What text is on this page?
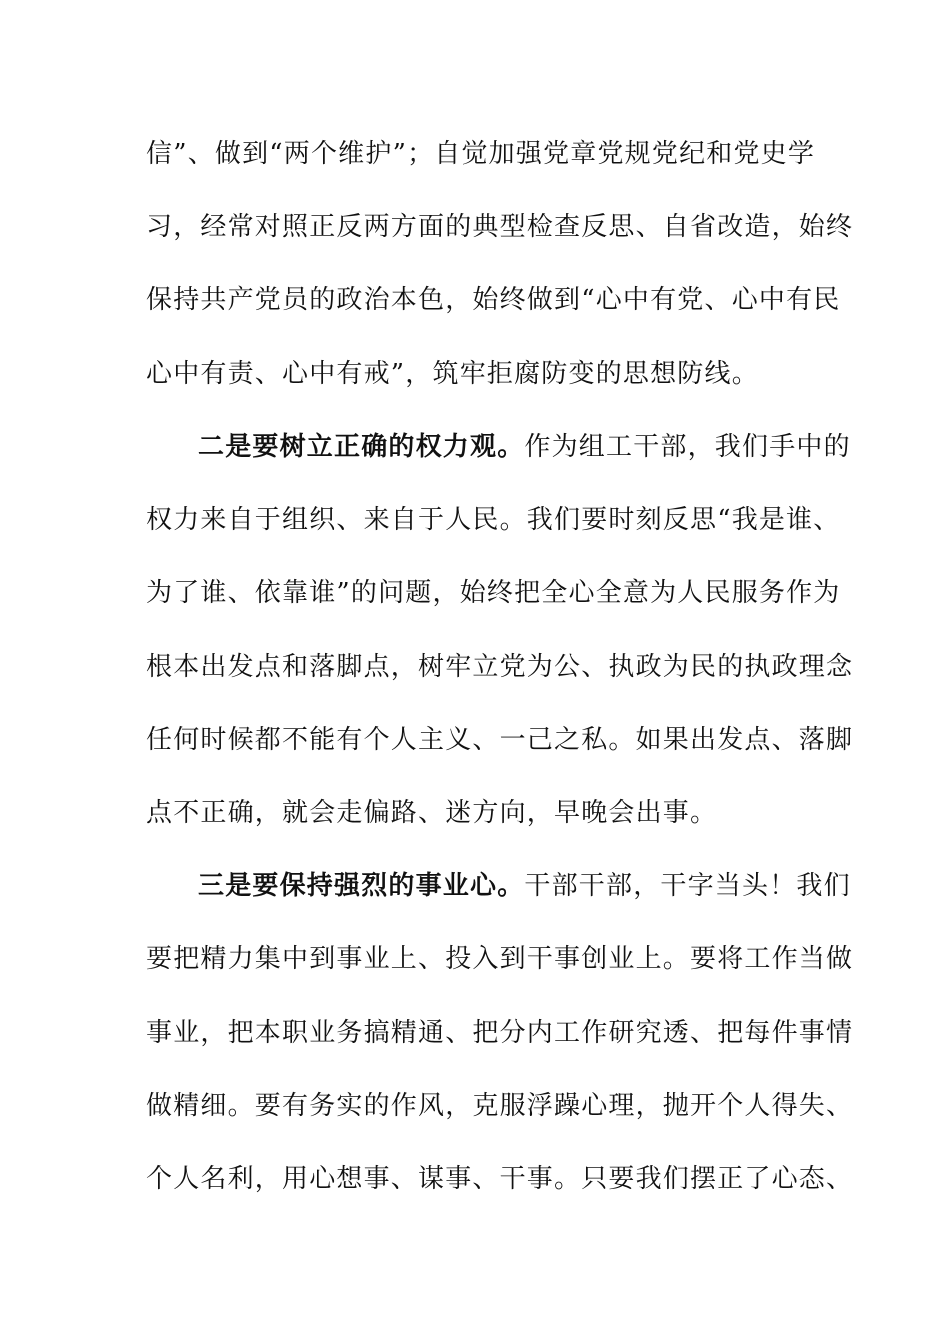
信”、做到“两个维护”；自觉加强党章党规党纪和党史学
习，经常对照正反两方面的典型检查反思、自省改造，始终
保持共产党员的政治本色，始终做到“心中有党、心中有民
心中有责、心中有戒”，筑牢拒腐防变的思想防线。
二是要树立正确的权力观。作为组工干部，我们手中的
权力来自于组织、来自于人民。我们要时刻反思“我是谁、
为了谁、依靠谁”的问题，始终把全心全意为人民服务作为
根本出发点和落脚点，树牢立党为公、执政为民的执政理念
任何时候都不能有个人主义、一己之私。如果出发点、落脚
点不正确，就会走偏路、迷方向，早晚会出事。
三是要保持强烈的事业心。干部干部，干字当头！我们
要把精力集中到事业上、投入到干事创业上。要将工作当做
事业，把本职业务搞精通、把分内工作研究透、把每件事情
做精细。要有务实的作风，克服浮躁心理，抛开个人得失、
个人名利，用心想事、谋事、干事。只要我们摆正了心态、
